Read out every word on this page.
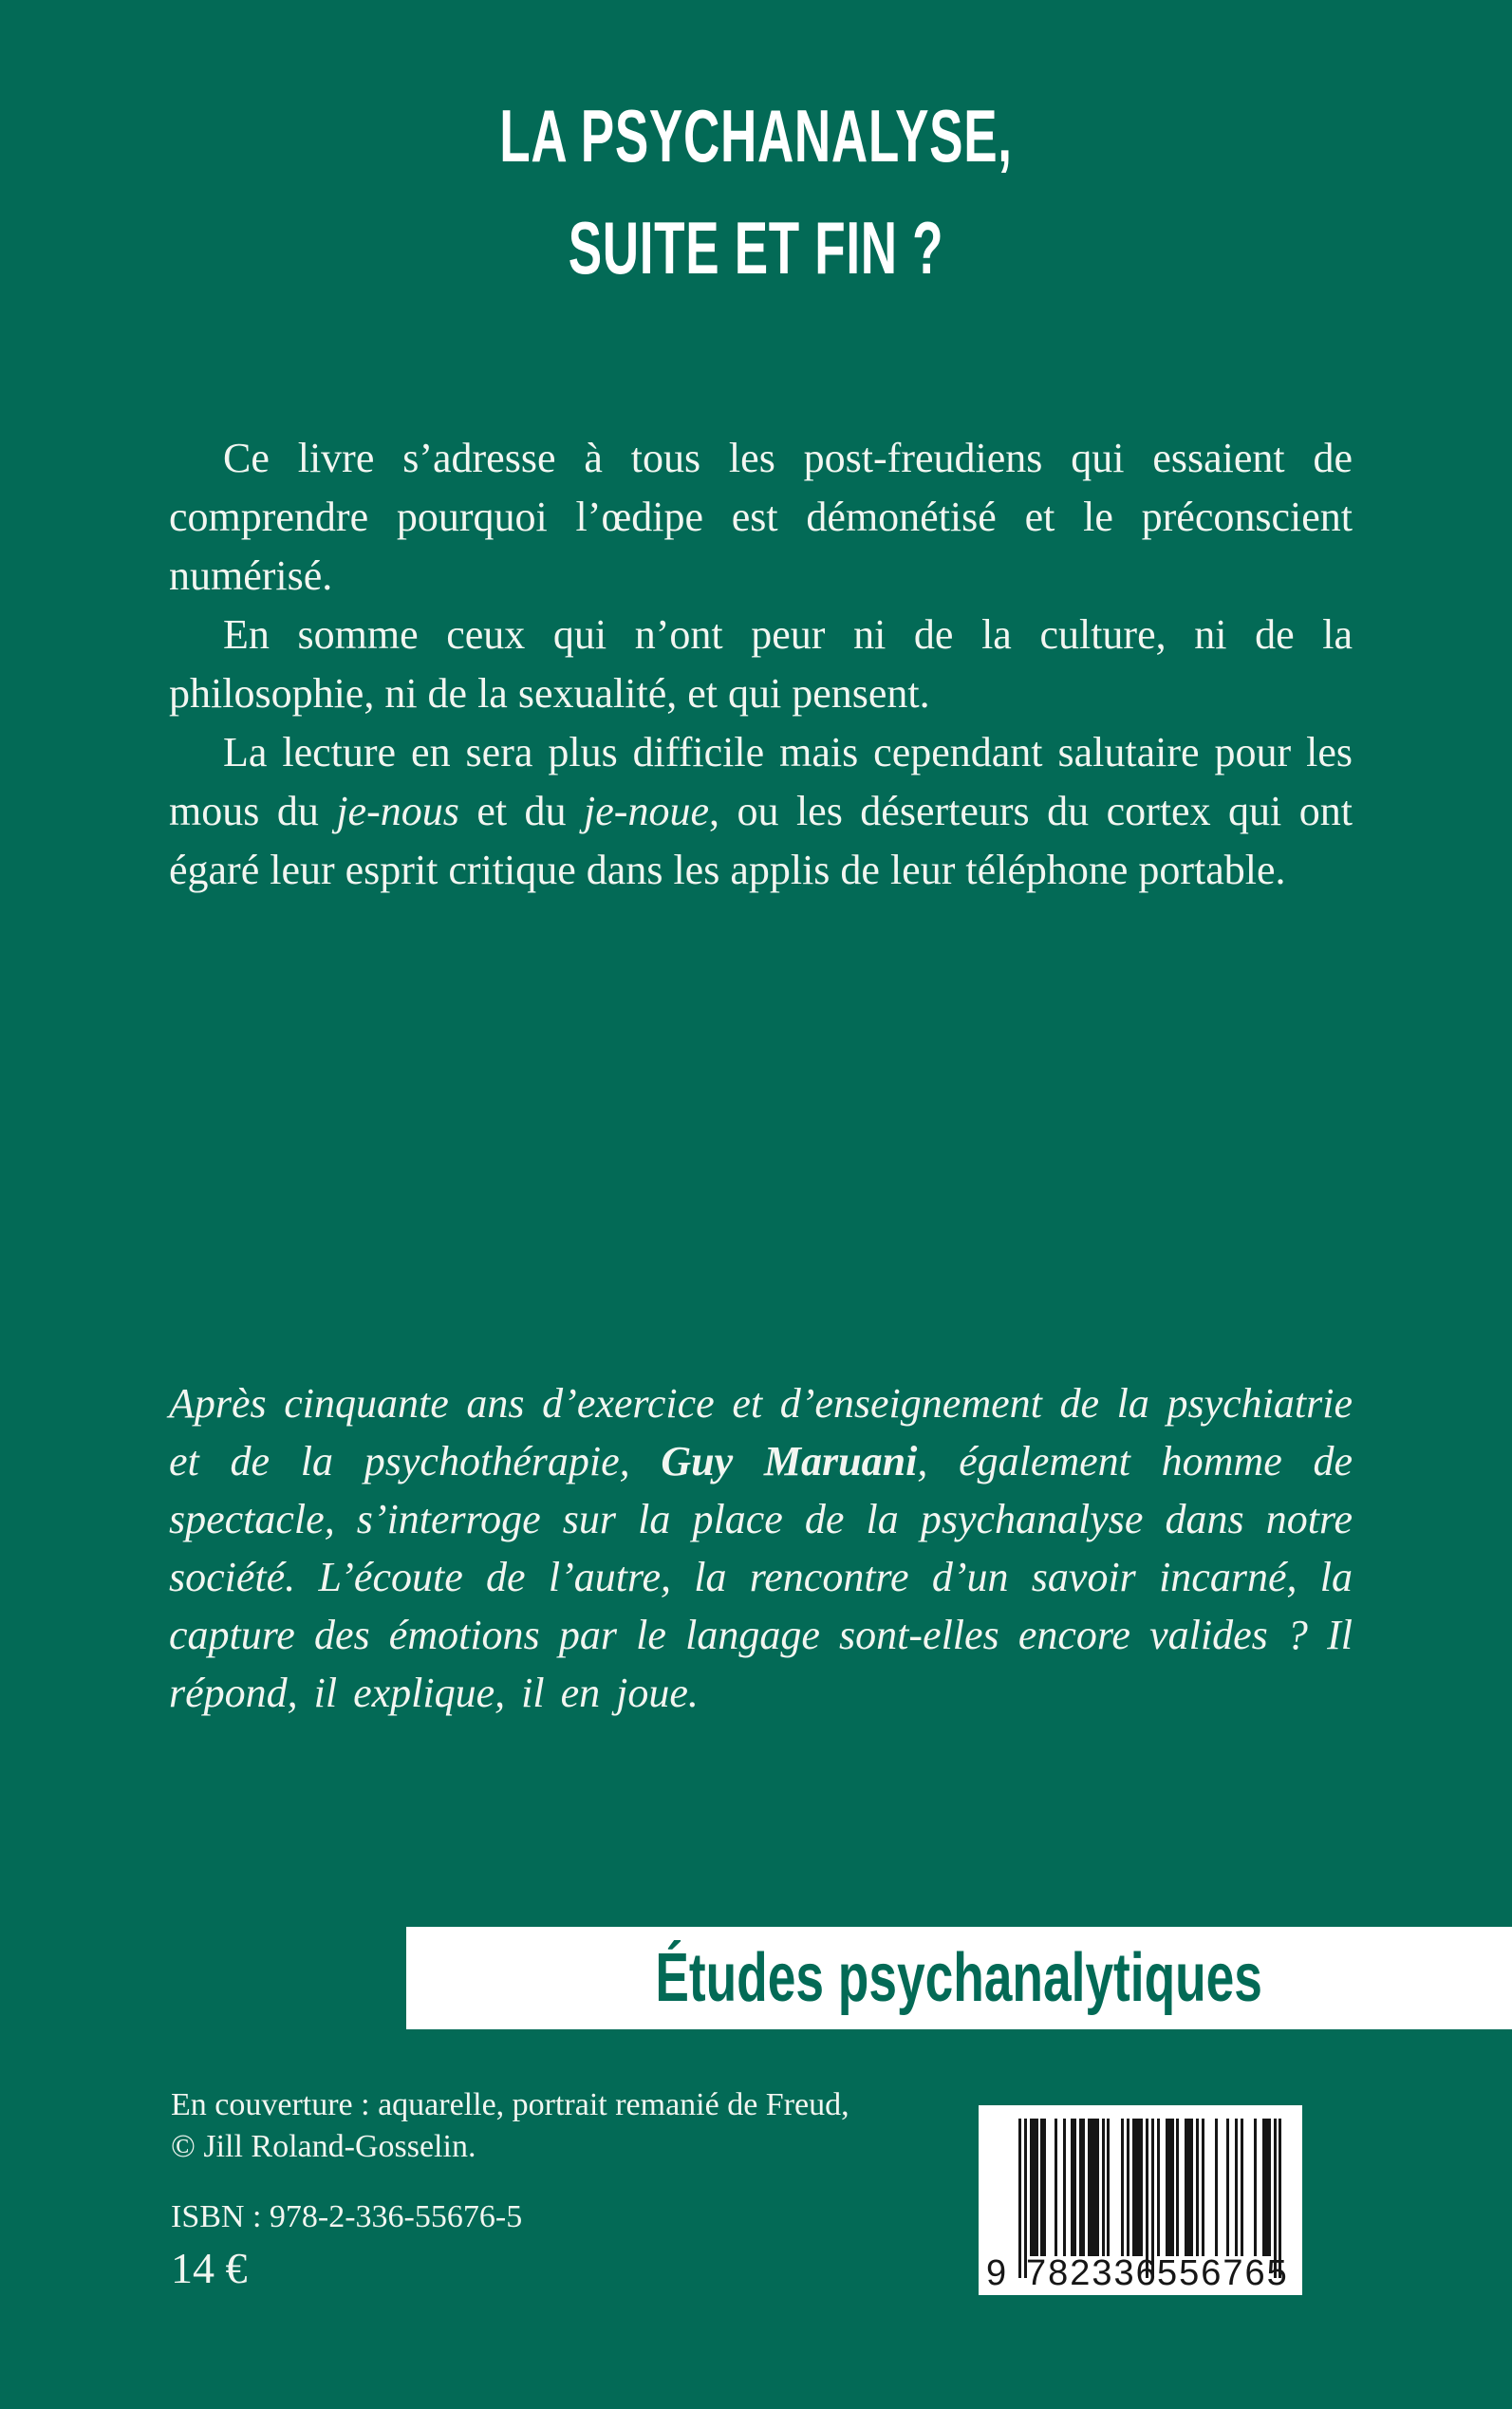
LA PSYCHANALYSE,
SUITE ET FIN ?

Ce livre s’adresse à tous les post-freudiens qui essaient de comprendre pourquoi l’œdipe est démonétisé et le préconscient numérisé.

En somme ceux qui n’ont peur ni de la culture, ni de la philosophie, ni de la sexualité, et qui pensent.

La lecture en sera plus difficile mais cependant salutaire pour les mous du je-nous et du je-noue, ou les déserteurs du cortex qui ont égaré leur esprit critique dans les applis de leur téléphone portable.

Après cinquante ans d’exercice et d’enseignement de la psychiatrie et de la psychothérapie, Guy Maruani, également homme de spectacle, s’interroge sur la place de la psychanalyse dans notre société. L’écoute de l’autre, la rencontre d’un savoir incarné, la capture des émotions par le langage sont-elles encore valides ? Il répond, il explique, il en joue.
Études psychanalytiques
En couverture : aquarelle, portrait remanié de Freud,
© Jill Roland-Gosselin.
ISBN : 978-2-336-55676-5
14 €	9 782336 556765
